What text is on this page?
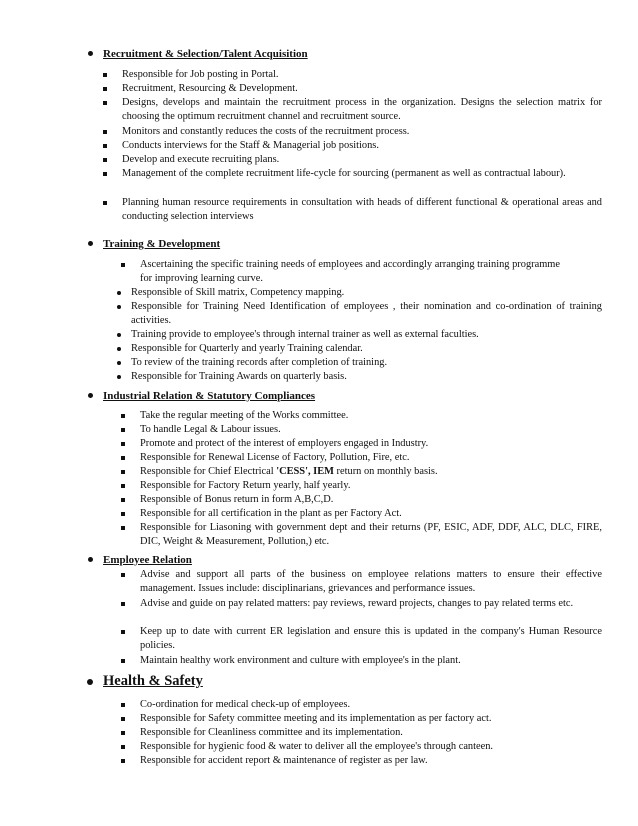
Recruitment & Selection/Talent Acquisition
Responsible for Job posting in Portal.
Recruitment, Resourcing & Development.
Designs, develops and maintain the recruitment process in the organization. Designs the selection matrix for choosing the optimum recruitment channel and recruitment source.
Monitors and constantly reduces the costs of the recruitment process.
Conducts interviews for the Staff & Managerial job positions.
Develop and execute recruiting plans.
Management of the complete recruitment life-cycle for sourcing (permanent as well as contractual labour).
Planning human resource requirements in consultation with heads of different functional & operational areas and conducting selection interviews
Training & Development
Ascertaining the specific training needs of employees and accordingly arranging training programme for improving learning curve.
Responsible of Skill matrix, Competency mapping.
Responsible for Training Need Identification of employees , their nomination and co-ordination of training activities.
Training provide to employee's through internal trainer as well as external faculties.
Responsible for Quarterly and yearly Training calendar.
To review of the training records after completion of training.
Responsible for Training Awards on quarterly basis.
Industrial Relation & Statutory Compliances
Take the regular meeting of the Works committee.
To handle Legal & Labour issues.
Promote and protect of the interest of employers engaged in Industry.
Responsible for Renewal License of Factory, Pollution, Fire, etc.
Responsible for Chief Electrical 'CESS', IEM return on monthly basis.
Responsible for Factory Return yearly, half yearly.
Responsible of Bonus return in form A,B,C,D.
Responsible for all certification in the plant as per Factory Act.
Responsible for Liasoning with government dept and their returns (PF, ESIC, ADF, DDF, ALC, DLC, FIRE, DIC, Weight & Measurement, Pollution,) etc.
Employee Relation
Advise and support all parts of the business on employee relations matters to ensure their effective management. Issues include: disciplinarians, grievances and performance issues.
Advise and guide on pay related matters: pay reviews, reward projects, changes to pay related terms etc.
Keep up to date with current ER legislation and ensure this is updated in the company's Human Resource policies.
Maintain healthy work environment and culture with employee's in the plant.
Health & Safety
Co-ordination for medical check-up of employees.
Responsible for Safety committee meeting and its implementation as per factory act.
Responsible for Cleanliness committee and its implementation.
Responsible for hygienic food & water to deliver all the employee's through canteen.
Responsible for accident report & maintenance of register as per law.
